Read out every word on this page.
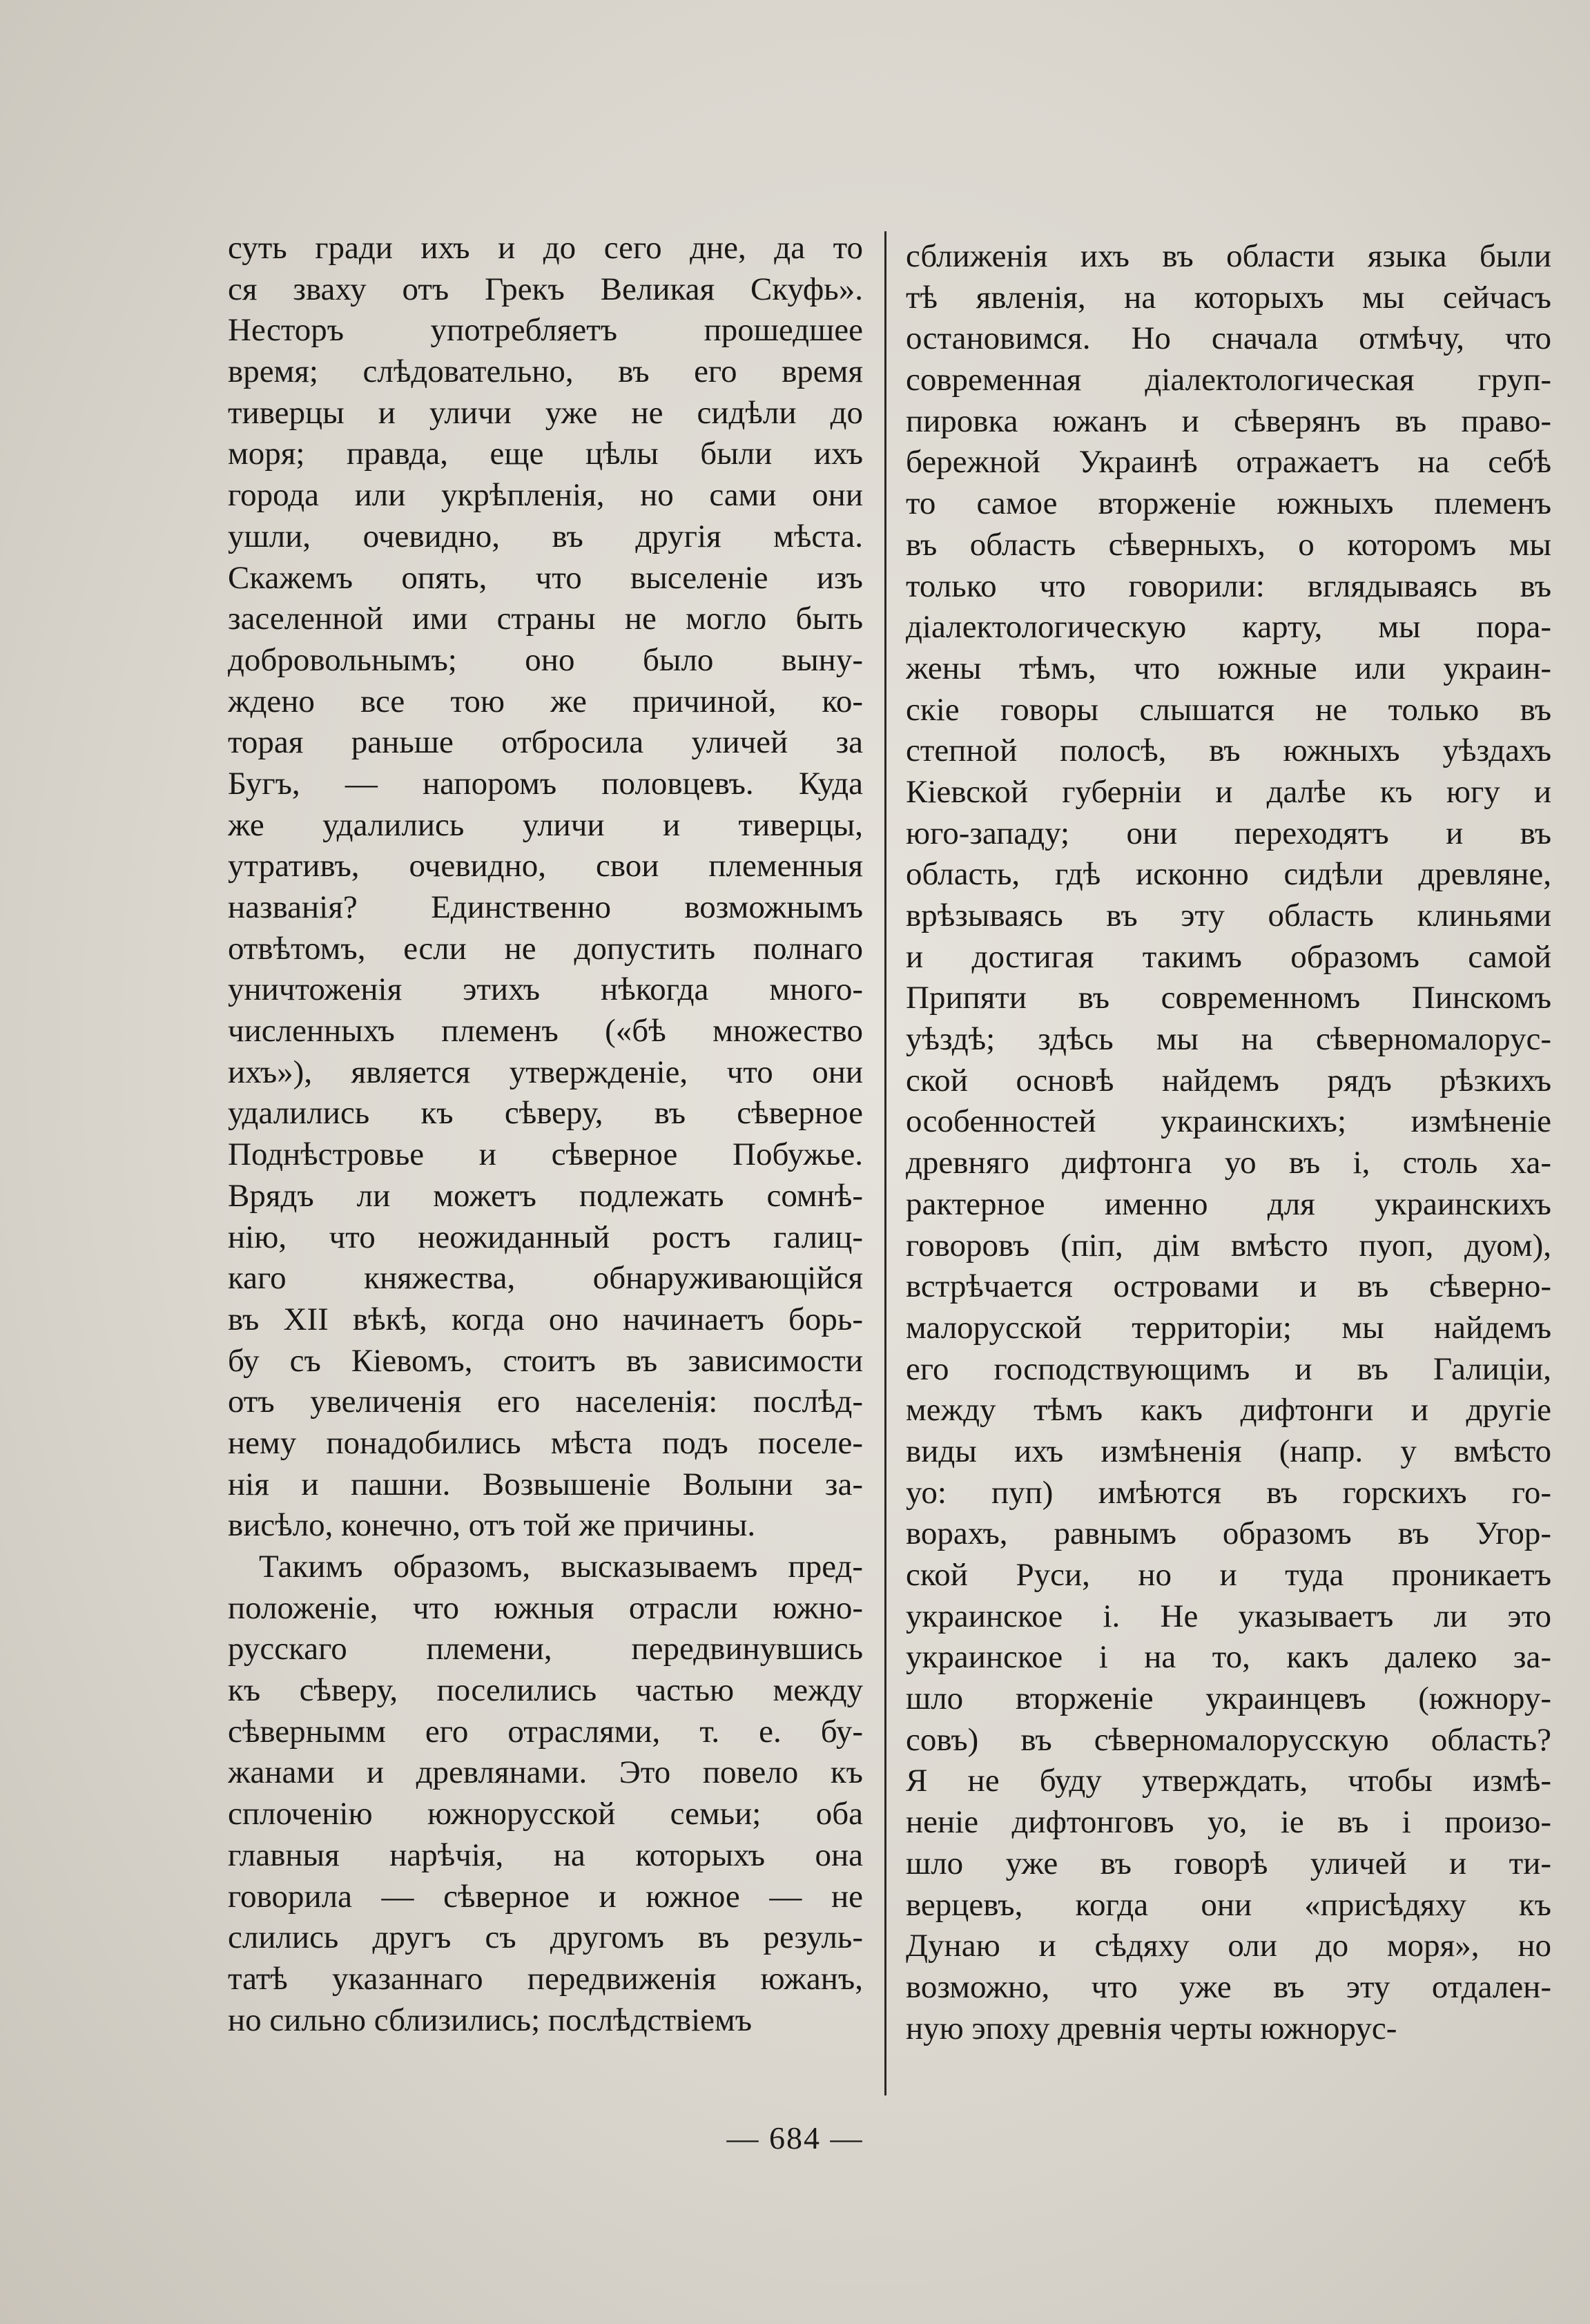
суть гради ихъ и до сего дне, да то
ся зваху отъ Грекъ Великая Скуфь».
Несторъ употребляетъ прошедшее
время; слѣдовательно, въ его время
тиверцы и уличи уже не сидѣли до
моря; правда, еще цѣлы были ихъ
города или укрѣпленія, но сами они
ушли, очевидно, въ другія мѣста.
Скажемъ опять, что выселеніе изъ
заселенной ими страны не могло быть
добровольнымъ; оно было выну-
ждено все тою же причиной, ко-
торая раньше отбросила уличей за
Бугъ, — напоромъ половцевъ. Куда
же удалились уличи и тиверцы,
утративъ, очевидно, свои племенныя
названія? Единственно возможнымъ
отвѣтомъ, если не допустить полнаго
уничтоженія этихъ нѣкогда много-
численныхъ племенъ («бѣ множество
ихъ»), является утвержденіе, что они
удалились къ сѣверу, въ сѣверное
Поднѣстровье и сѣверное Побужье.
Врядъ ли можетъ подлежать сомнѣ-
нію, что неожиданный ростъ галиц-
каго княжества, обнаруживающійся
въ XII вѣкѣ, когда оно начинаетъ борь-
бу съ Кіевомъ, стоитъ въ зависимости
отъ увеличенія его населенія: послѣд-
нему понадобились мѣста подъ поселе-
нія и пашни. Возвышеніе Волыни за-
висѣло, конечно, отъ той же причины.
Такимъ образомъ, высказываемъ пред-
положеніе, что южныя отрасли южно-
русскаго племени, передвинувшись
къ сѣверу, поселились частью между
сѣвернымм его отраслями, т. е. бу-
жанами и древлянами. Это повело къ
сплоченію южнорусской семьи; оба
главныя нарѣчія, на которыхъ она
говорила — сѣверное и южное — не
слились другъ съ другомъ въ резуль-
татѣ указаннаго передвиженія южанъ,
но сильно сблизились; послѣдствіемъ
сближенія ихъ въ области языка были
тѣ явленія, на которыхъ мы сейчасъ
остановимся. Но сначала отмѣчу, что
современная діалектологическая груп-
пировка южанъ и сѣверянъ въ право-
бережной Украинѣ отражаетъ на себѣ
то самое вторженіе южныхъ племенъ
въ область сѣверныхъ, о которомъ мы
только что говорили: вглядываясь въ
діалектологическую карту, мы пора-
жены тѣмъ, что южные или украин-
скіе говоры слышатся не только въ
степной полосѣ, въ южныхъ уѣздахъ
Кіевской губерніи и далѣе къ югу и
юго-западу; они переходятъ и въ
область, гдѣ исконно сидѣли древляне,
врѣзываясь въ эту область клиньями
и достигая такимъ образомъ самой
Припяти въ современномъ Пинскомъ
уѣздѣ; здѣсь мы на сѣверномалорус-
ской основѣ найдемъ рядъ рѣзкихъ
особенностей украинскихъ; измѣненіе
древняго дифтонга уо въ і, столь ха-
рактерное именно для украинскихъ
говоровъ (піп, дім вмѣсто пуоп, дуом),
встрѣчается островами и въ сѣверно-
малорусской территоріи; мы найдемъ
его господствующимъ и въ Галиціи,
между тѣмъ какъ дифтонги и другіе
виды ихъ измѣненія (напр. у вмѣсто
уо: пуп) имѣются въ горскихъ го-
ворахъ, равнымъ образомъ въ Угор-
ской Руси, но и туда проникаетъ
украинское і. Не указываетъ ли это
украинское і на то, какъ далеко за-
шло вторженіе украинцевъ (южнору-
совъ) въ сѣверномалорусскую область?
Я не буду утверждать, чтобы измѣ-
неніе дифтонговъ уо, іе въ і произо-
шло уже въ говорѣ уличей и ти-
верцевъ, когда они «присѣдяху къ
Дунаю и сѣдяху оли до моря», но
возможно, что уже въ эту отдален-
ную эпоху древнія черты южнорус-
— 684 —
